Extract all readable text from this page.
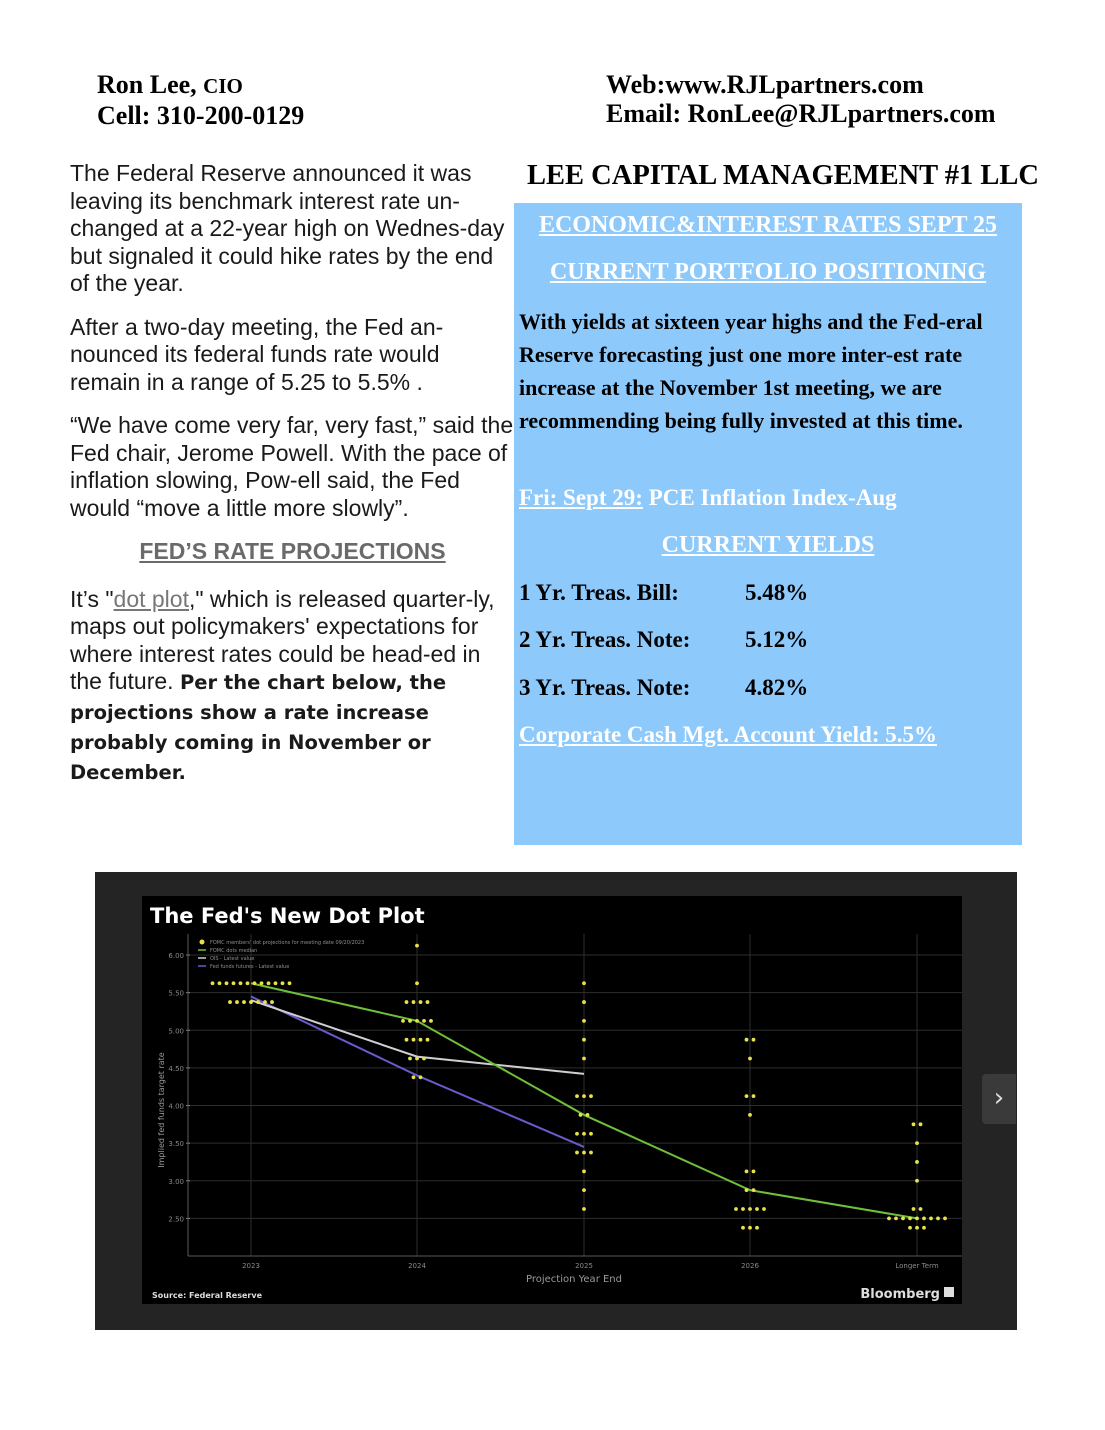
Ron Lee, CIO
Cell: 310-200-0129
Web:www.RJLpartners.com
Email: RonLee@RJLpartners.com

The Federal Reserve announced it was leaving its benchmark interest rate un-changed at a 22-year high on Wednes-day but signaled it could hike rates by the end of the year.

After a two-day meeting, the Fed an-nounced its federal funds rate would remain in a range of 5.25 to 5.5% .

“We have come very far, very fast,” said the Fed chair, Jerome Powell. With the pace of inflation slowing, Pow-ell said, the Fed would “move a little more slowly”.

FED’S RATE PROJECTIONS

It’s "dot plot," which is released quarter-ly, maps out policymakers' expectations for where interest rates could be head-ed in the future. Per the chart below, the projections show a rate increase probably coming in November or December.

LEE CAPITAL MANAGEMENT #1 LLC
ECONOMIC&INTEREST RATES SEPT 25
CURRENT PORTFOLIO POSITIONING
With yields at sixteen year highs and the Fed-eral Reserve forecasting just one more inter-est rate increase at the November 1st meeting, we are recommending being fully invested at this time.
Fri: Sept 29: PCE Inflation Index-Aug
CURRENT YIELDS
1 Yr. Treas. Bill:	5.48%
2 Yr. Treas. Note: 5.12%
3 Yr. Treas. Note: 4.82%
Corporate Cash Mgt. Account Yield: 5.5%
The Fed's New Dot Plot
2.50
3.00
3.50
4.00
4.50
5.00
5.50
6.00
2023	2024	2025	2026	Longer Term
FOMC members' dot projections for meeting date 09/20/2023
FOMC dots median
OIS - Latest value
Fed funds futures - Latest value
Implied fed funds target rate
Projection Year End
Source: Federal Reserve	Bloomberg
›
